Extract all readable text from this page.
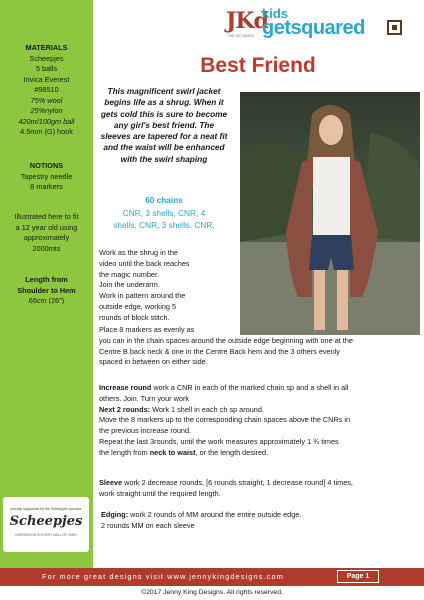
MATERIALS
Scheepjes
5 balls
Invica Everest
#98510
75% wool
25%nylon
420m/100gm ball
4.5mm (G) hook
NOTIONS
Tapestry needle
8 markers
Illustrated here to fit
a 12 year old using
approximately
2000mts
Length from
Shoulder to Hem
66cm (26")
proudly supported by the Scheepjes sponsor
Scheepjes
INSPIRATION IN EVERY BALL OF YARN
JKd
THE JKD BRAND
kids
getsquared
Best Friend
This magnificent swirl jacket begins life as a shrug. When it gets cold this is sure to become any girl's best friend. The sleeves are tapered for a neat fit and the waist will be enhanced with the swirl shaping
60 chains
CNR, 3 shells, CNR, 4
shells, CNR, 3 shells, CNR,
Work as the shrug in the
video until the back reaches
the magic number.
Join the underarm.
Work in pattern around the
outside edge, working 5
rounds of block stitch.
Place 8 markers as evenly as
you can in the chain spaces around the outside edge beginning with one at the
Centre B back neck & one in the Centre Back hem and the 3 others evenly
spaced in between on either side.
Increase round work a CNR in each of the marked chain sp and a shell in all
others. Join. Turn your work
Next 2 rounds: Work 1 shell in each ch sp around.
Move the 8 markers up to the corresponding chain spaces above the CNRs in
the previous increase round.
Repeat the last 3rounds, until the work measures approximately 1 ¾ times
the length from neck to waist, or the length desired.
Sleeve work 2 decrease rounds, [6 rounds straight, 1 decrease round] 4 times,
work straight until the required length.
Edging: work 2 rounds of MM around the entire outside edge.
2 rounds MM on each sleeve
For more great designs visit www.jennykingdesigns.com	Page 1
©2017 Jenny King Designs. All rights reserved.
